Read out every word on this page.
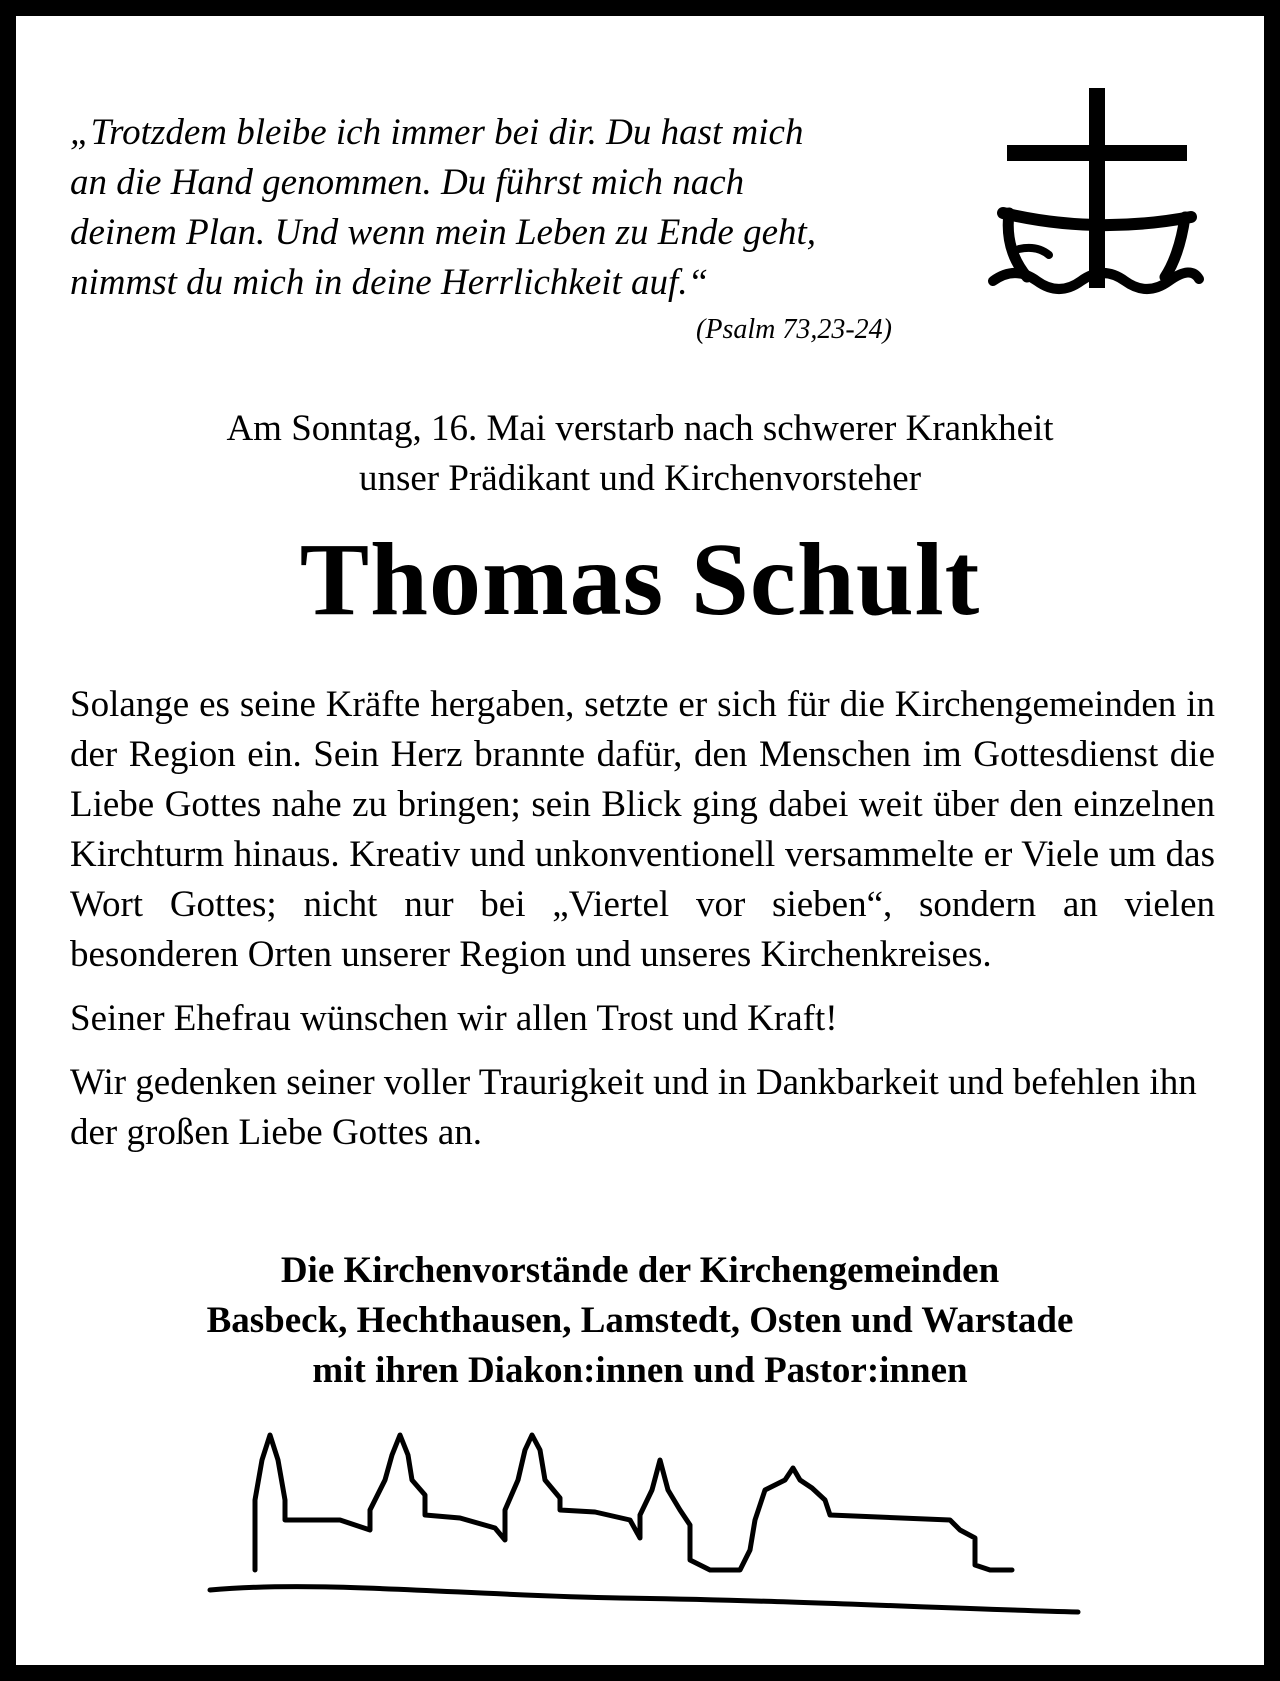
„Trotzdem bleibe ich immer bei dir. Du hast mich
an die Hand genommen. Du führst mich nach
deinem Plan. Und wenn mein Leben zu Ende geht,
nimmst du mich in deine Herrlichkeit auf.“
(Psalm 73,23-24)
Am Sonntag, 16. Mai verstarb nach schwerer Krankheit
unser Prädikant und Kirchenvorsteher
Thomas Schult

Solange es seine Kräfte hergaben, setzte er sich für die Kirchengemeinden in der Region ein. Sein Herz brannte dafür, den Menschen im Gottesdienst die Liebe Gottes nahe zu bringen; sein Blick ging dabei weit über den einzelnen Kirchturm hinaus. Kreativ und unkonventionell versammelte er Viele um das Wort Gottes; nicht nur bei „Viertel vor sieben“, sondern an vielen besonderen Orten unserer Region und unseres Kirchenkreises.

Seiner Ehefrau wünschen wir allen Trost und Kraft!

Wir gedenken seiner voller Traurigkeit und in Dankbarkeit und befehlen ihn der großen Liebe Gottes an.

Die Kirchenvorstände der Kirchengemeinden
Basbeck, Hechthausen, Lamstedt, Osten und Warstade
mit ihren Diakon:innen und Pastor:innen
